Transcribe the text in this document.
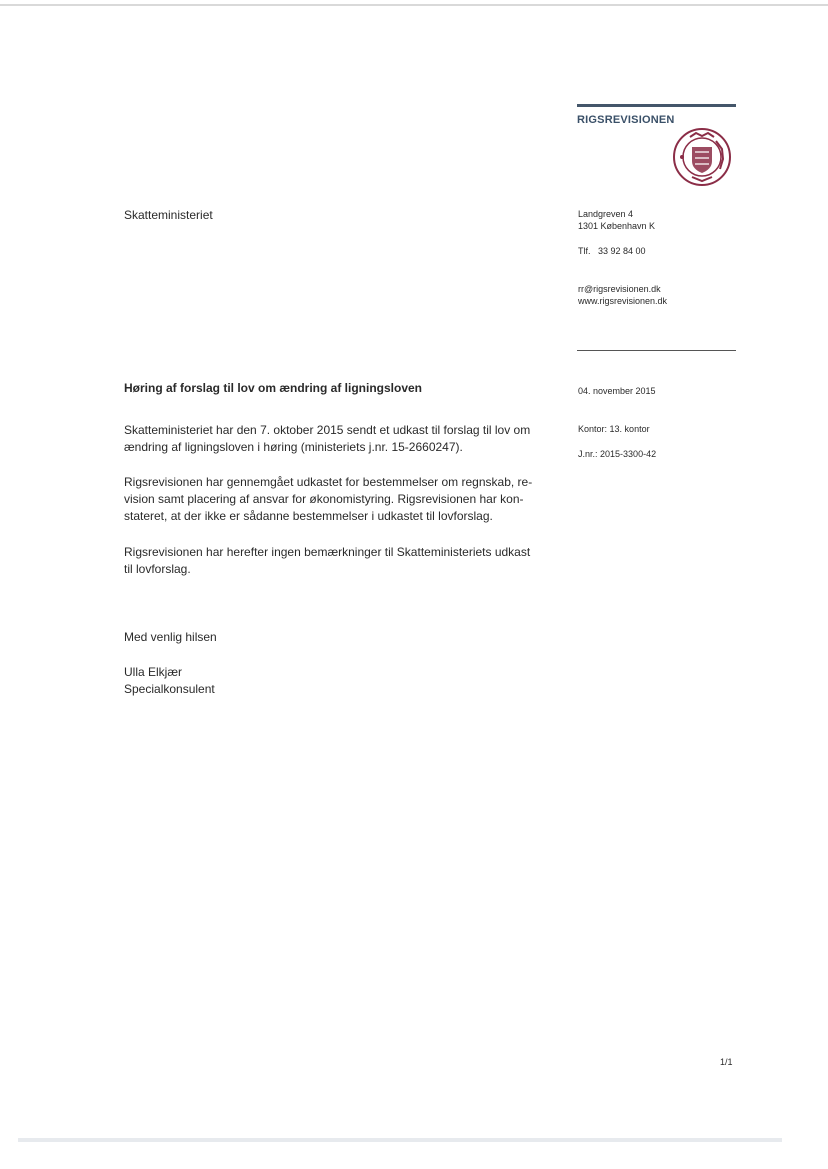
RIGSREVISIONEN
Skatteministeriet	Landgreven 4
1301 København K
Tlf. 33 92 84 00
rr@rigsrevisionen.dk
www.rigsrevisionen.dk
04. november 2015
Kontor: 13. kontor
J.nr.: 2015-3300-42
Høring af forslag til lov om ændring af ligningsloven

Skatteministeriet har den 7. oktober 2015 sendt et udkast til forslag til lov om

ændring af ligningsloven i høring (ministeriets j.nr. 15-2660247).

Rigsrevisionen har gennemgået udkastet for bestemmelser om regnskab, re-

vision samt placering af ansvar for økonomistyring. Rigsrevisionen har kon-

stateret, at der ikke er sådanne bestemmelser i udkastet til lovforslag.

Rigsrevisionen har herefter ingen bemærkninger til Skatteministeriets udkast

til lovforslag.

Med venlig hilsen
Ulla Elkjær
Specialkonsulent
1/1
